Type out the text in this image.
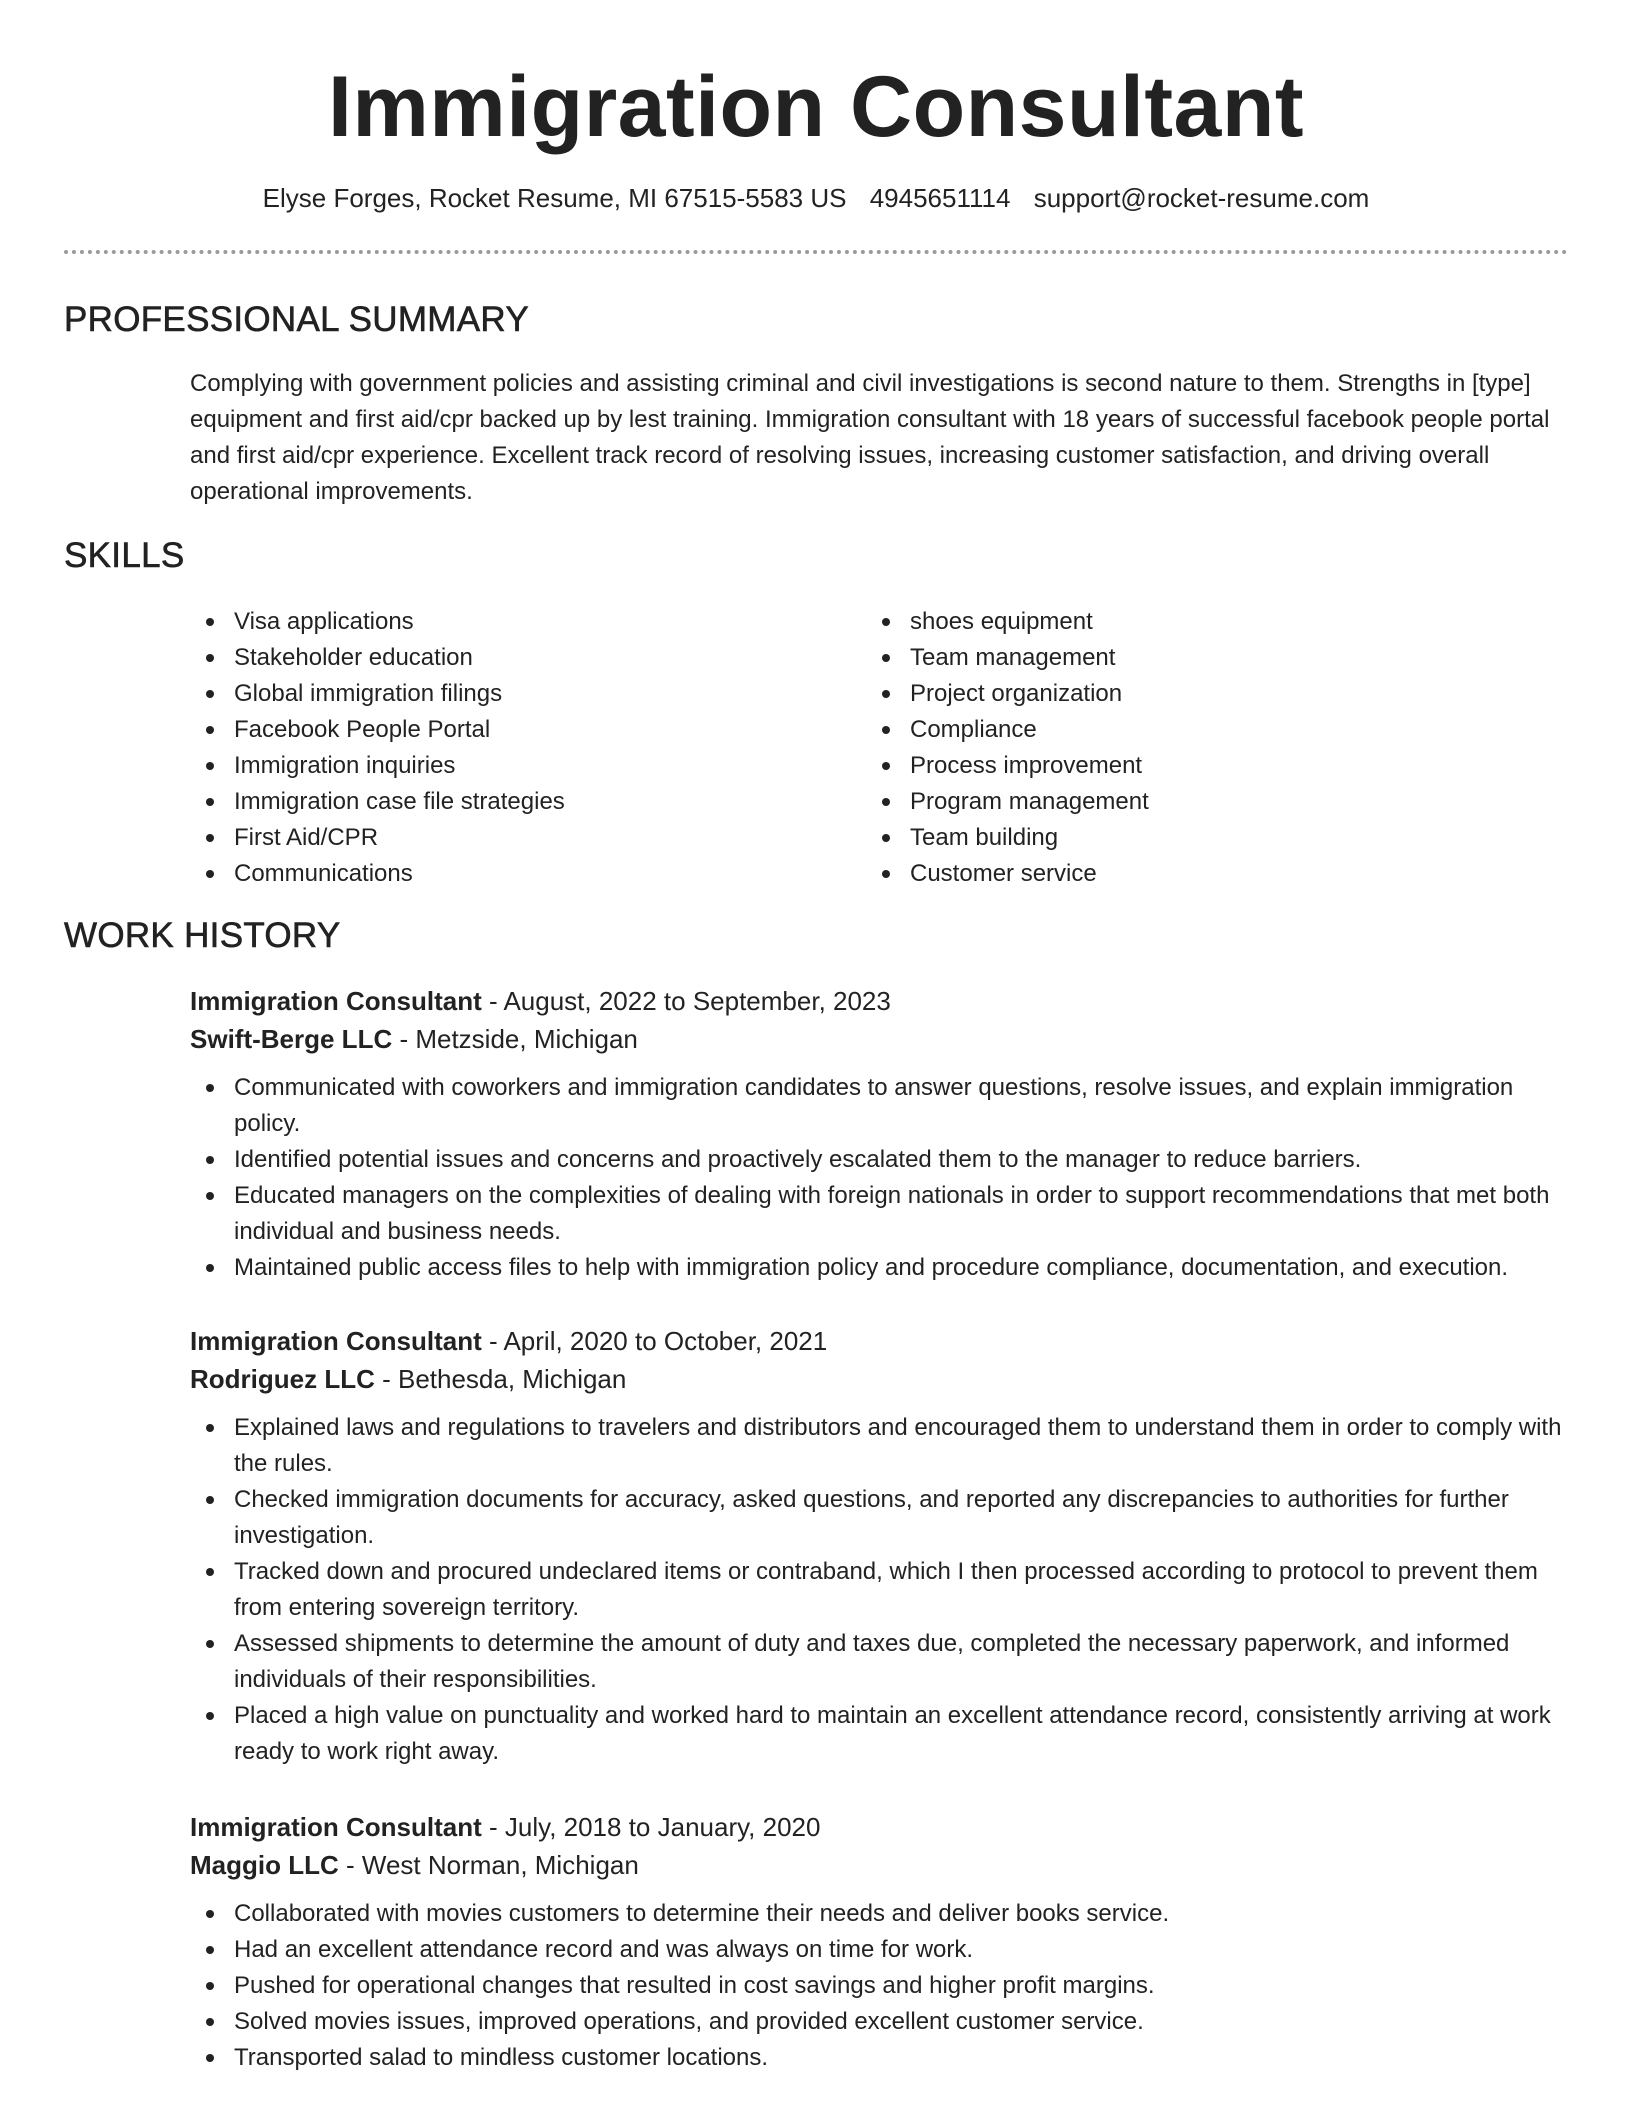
Immigration Consultant
Elyse Forges, Rocket Resume, MI 67515-5583 US 4945651114 support@rocket-resume.com
PROFESSIONAL SUMMARY
Complying with government policies and assisting criminal and civil investigations is second nature to them. Strengths in [type] equipment and first aid/cpr backed up by lest training. Immigration consultant with 18 years of successful facebook people portal and first aid/cpr experience. Excellent track record of resolving issues, increasing customer satisfaction, and driving overall operational improvements.
SKILLS
Visa applications
Stakeholder education
Global immigration filings
Facebook People Portal
Immigration inquiries
Immigration case file strategies
First Aid/CPR
Communications
shoes equipment
Team management
Project organization
Compliance
Process improvement
Program management
Team building
Customer service
WORK HISTORY
Immigration Consultant - August, 2022 to September, 2023
Swift-Berge LLC - Metzside, Michigan
Communicated with coworkers and immigration candidates to answer questions, resolve issues, and explain immigration policy.
Identified potential issues and concerns and proactively escalated them to the manager to reduce barriers.
Educated managers on the complexities of dealing with foreign nationals in order to support recommendations that met both individual and business needs.
Maintained public access files to help with immigration policy and procedure compliance, documentation, and execution.
Immigration Consultant - April, 2020 to October, 2021
Rodriguez LLC - Bethesda, Michigan
Explained laws and regulations to travelers and distributors and encouraged them to understand them in order to comply with the rules.
Checked immigration documents for accuracy, asked questions, and reported any discrepancies to authorities for further investigation.
Tracked down and procured undeclared items or contraband, which I then processed according to protocol to prevent them from entering sovereign territory.
Assessed shipments to determine the amount of duty and taxes due, completed the necessary paperwork, and informed individuals of their responsibilities.
Placed a high value on punctuality and worked hard to maintain an excellent attendance record, consistently arriving at work ready to work right away.
Immigration Consultant - July, 2018 to January, 2020
Maggio LLC - West Norman, Michigan
Collaborated with movies customers to determine their needs and deliver books service.
Had an excellent attendance record and was always on time for work.
Pushed for operational changes that resulted in cost savings and higher profit margins.
Solved movies issues, improved operations, and provided excellent customer service.
Transported salad to mindless customer locations.
